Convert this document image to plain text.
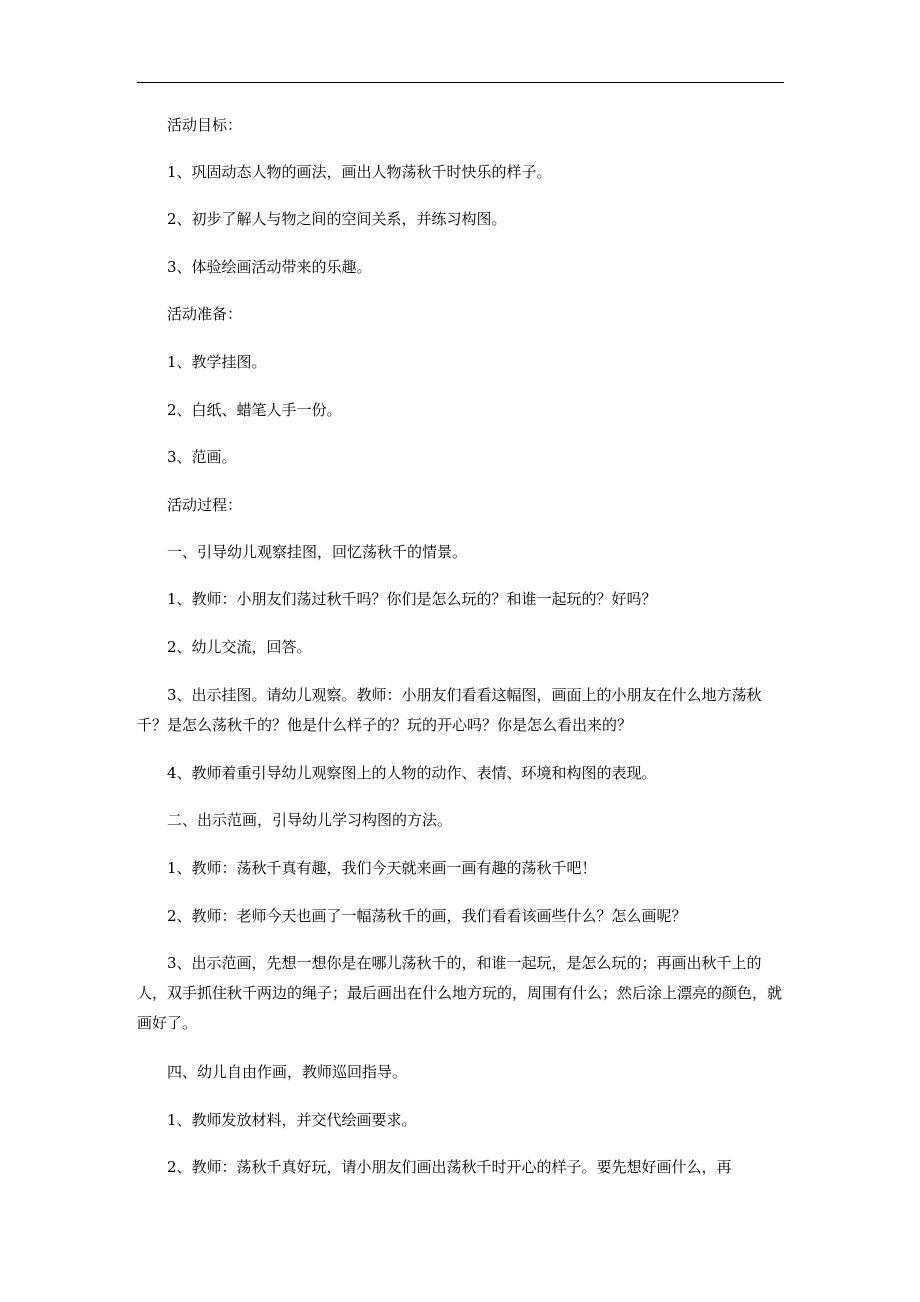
活动目标：

1、巩固动态人物的画法，画出人物荡秋千时快乐的样子。

2、初步了解人与物之间的空间关系，并练习构图。

3、体验绘画活动带来的乐趣。

活动准备：

1、教学挂图。

2、白纸、蜡笔人手一份。

3、范画。

活动过程：

一、引导幼儿观察挂图，回忆荡秋千的情景。

1、教师：小朋友们荡过秋千吗？你们是怎么玩的？和谁一起玩的？好吗？

2、幼儿交流，回答。

3、出示挂图。请幼儿观察。教师：小朋友们看看这幅图，画面上的小朋友在什么地方荡秋千？是怎么荡秋千的？他是什么样子的？玩的开心吗？你是怎么看出来的？

4、教师着重引导幼儿观察图上的人物的动作、表情、环境和构图的表现。

二、出示范画，引导幼儿学习构图的方法。

1、教师：荡秋千真有趣，我们今天就来画一画有趣的荡秋千吧！

2、教师：老师今天也画了一幅荡秋千的画，我们看看该画些什么？怎么画呢？

3、出示范画，先想一想你是在哪儿荡秋千的，和谁一起玩，是怎么玩的；再画出秋千上的人，双手抓住秋千两边的绳子；最后画出在什么地方玩的，周围有什么；然后涂上漂亮的颜色，就画好了。

四、幼儿自由作画，教师巡回指导。

1、教师发放材料，并交代绘画要求。

2、教师：荡秋千真好玩，请小朋友们画出荡秋千时开心的样子。要先想好画什么，再
